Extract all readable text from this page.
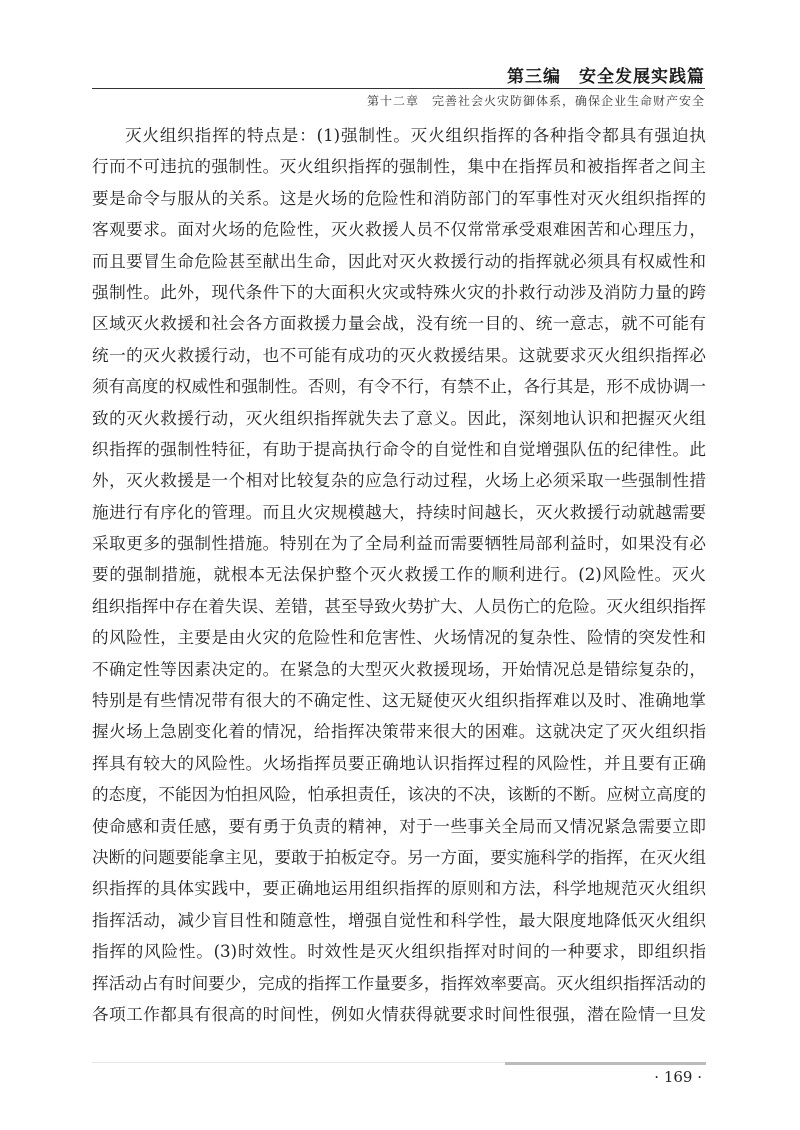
第三编　安全发展实践篇
第十二章　完善社会火灾防御体系，确保企业生命财产安全
灭火组织指挥的特点是：(1)强制性。灭火组织指挥的各种指令都具有强迫执
行而不可违抗的强制性。灭火组织指挥的强制性，集中在指挥员和被指挥者之间主
要是命令与服从的关系。这是火场的危险性和消防部门的军事性对灭火组织指挥的
客观要求。面对火场的危险性，灭火救援人员不仅常常承受艰难困苦和心理压力，
而且要冒生命危险甚至献出生命，因此对灭火救援行动的指挥就必须具有权威性和
强制性。此外，现代条件下的大面积火灾或特殊火灾的扑救行动涉及消防力量的跨
区域灭火救援和社会各方面救援力量会战，没有统一目的、统一意志，就不可能有
统一的灭火救援行动，也不可能有成功的灭火救援结果。这就要求灭火组织指挥必
须有高度的权威性和强制性。否则，有令不行，有禁不止，各行其是，形不成协调一
致的灭火救援行动，灭火组织指挥就失去了意义。因此，深刻地认识和把握灭火组
织指挥的强制性特征，有助于提高执行命令的自觉性和自觉增强队伍的纪律性。此
外，灭火救援是一个相对比较复杂的应急行动过程，火场上必须采取一些强制性措
施进行有序化的管理。而且火灾规模越大，持续时间越长，灭火救援行动就越需要
采取更多的强制性措施。特别在为了全局利益而需要牺牲局部利益时，如果没有必
要的强制措施，就根本无法保护整个灭火救援工作的顺利进行。(2)风险性。灭火
组织指挥中存在着失误、差错，甚至导致火势扩大、人员伤亡的危险。灭火组织指挥
的风险性，主要是由火灾的危险性和危害性、火场情况的复杂性、险情的突发性和
不确定性等因素决定的。在紧急的大型灭火救援现场，开始情况总是错综复杂的，
特别是有些情况带有很大的不确定性、这无疑使灭火组织指挥难以及时、准确地掌
握火场上急剧变化着的情况，给指挥决策带来很大的困难。这就决定了灭火组织指
挥具有较大的风险性。火场指挥员要正确地认识指挥过程的风险性，并且要有正确
的态度，不能因为怕担风险，怕承担责任，该决的不决，该断的不断。应树立高度的
使命感和责任感，要有勇于负责的精神，对于一些事关全局而又情况紧急需要立即
决断的问题要能拿主见，要敢于拍板定夺。另一方面，要实施科学的指挥，在灭火组
织指挥的具体实践中，要正确地运用组织指挥的原则和方法，科学地规范灭火组织
指挥活动，减少盲目性和随意性，增强自觉性和科学性，最大限度地降低灭火组织
指挥的风险性。(3)时效性。时效性是灭火组织指挥对时间的一种要求，即组织指
挥活动占有时间要少，完成的指挥工作量要多，指挥效率要高。灭火组织指挥活动的
各项工作都具有很高的时间性，例如火情获得就要求时间性很强，潜在险情一旦发
· 169 ·
